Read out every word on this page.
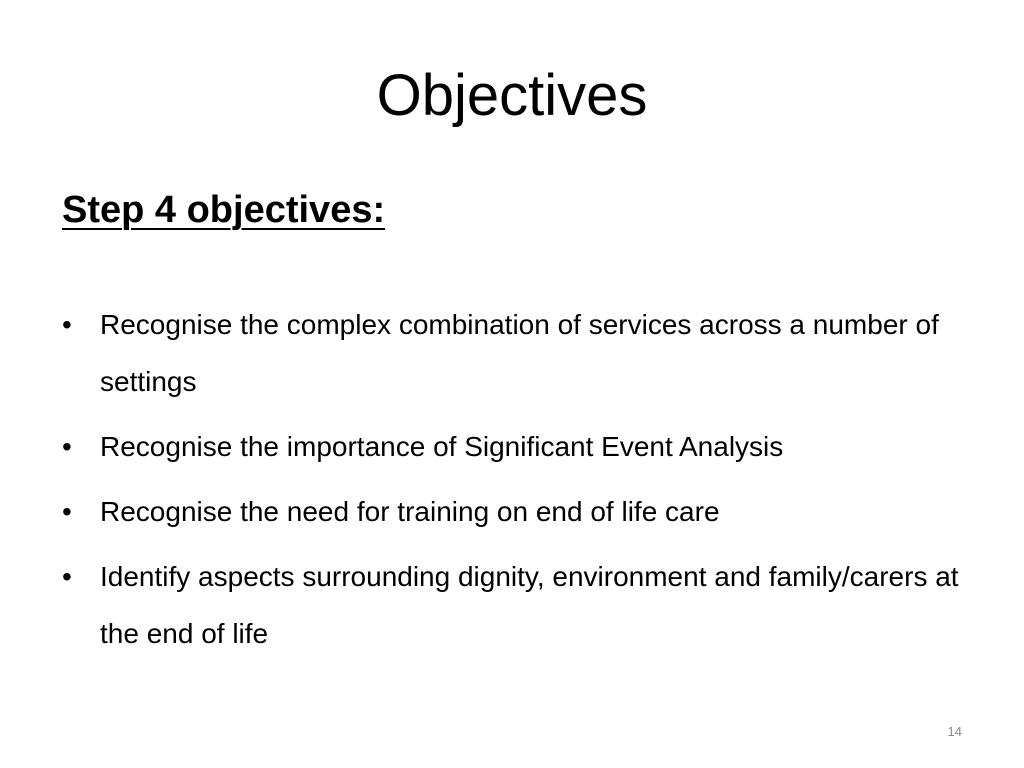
Objectives
Step 4 objectives:
• Recognise the complex combination of services across a number of settings
• Recognise the importance of Significant Event Analysis
• Recognise the need for training on end of life care
• Identify aspects surrounding dignity, environment and family/carers at the end of life
14
